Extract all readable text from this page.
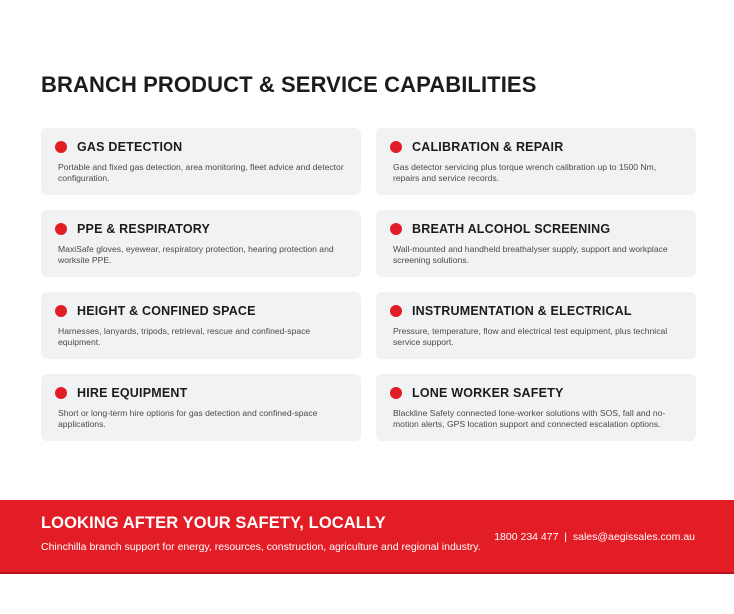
BRANCH PRODUCT & SERVICE CAPABILITIES
GAS DETECTION

Portable and fixed gas detection, area monitoring, fleet advice and detector configuration.

CALIBRATION & REPAIR

Gas detector servicing plus torque wrench calibration up to 1500 Nm, repairs and service records.

PPE & RESPIRATORY

MaxiSafe gloves, eyewear, respiratory protection, hearing protection and worksite PPE.

BREATH ALCOHOL SCREENING

Wall-mounted and handheld breathalyser supply, support and workplace screening solutions.

HEIGHT & CONFINED SPACE

Harnesses, lanyards, tripods, retrieval, rescue and confined-space equipment.

INSTRUMENTATION & ELECTRICAL

Pressure, temperature, flow and electrical test equipment, plus technical service support.

HIRE EQUIPMENT

Short or long-term hire options for gas detection and confined-space applications.

LONE WORKER SAFETY

Blackline Safety connected lone-worker solutions with SOS, fall and no-motion alerts, GPS location support and connected escalation options.

LOOKING AFTER YOUR SAFETY, LOCALLY
Chinchilla branch support for energy, resources, construction, agriculture and regional industry.
1800 234 477 | sales@aegissales.com.au
